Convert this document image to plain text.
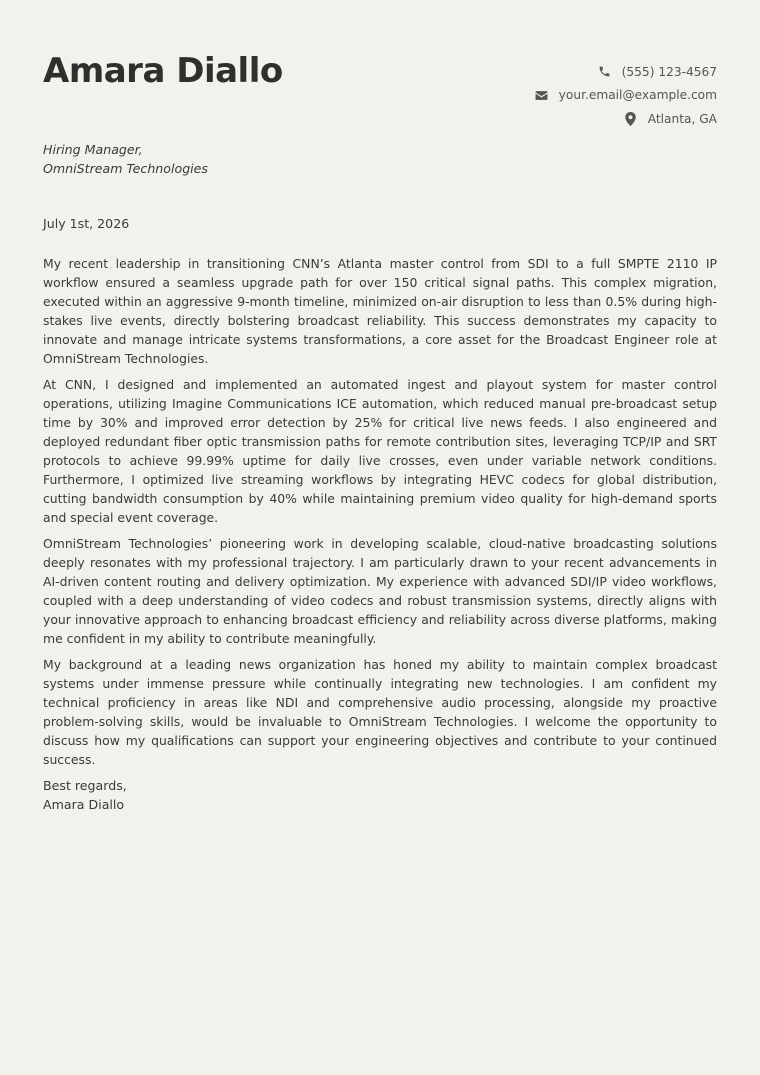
Amara Diallo	(555) 123-4567
your.email@example.com
Atlanta, GA
Hiring Manager,
OmniStream Technologies
July 1st, 2026

My recent leadership in transitioning CNN’s Atlanta master control from SDI to a full SMPTE 2110 IP workflow ensured a seamless upgrade path for over 150 critical signal paths. This complex migration, executed within an aggressive 9-month timeline, minimized on-air disruption to less than 0.5% during high-stakes live events, directly bolstering broadcast reliability. This success demonstrates my capacity to innovate and manage intricate systems transformations, a core asset for the Broadcast Engineer role at OmniStream Technologies.

At CNN, I designed and implemented an automated ingest and playout system for master control operations, utilizing Imagine Communications ICE automation, which reduced manual pre-broadcast setup time by 30% and improved error detection by 25% for critical live news feeds. I also engineered and deployed redundant fiber optic transmission paths for remote contribution sites, leveraging TCP/IP and SRT protocols to achieve 99.99% uptime for daily live crosses, even under variable network conditions. Furthermore, I optimized live streaming workflows by integrating HEVC codecs for global distribution, cutting bandwidth consumption by 40% while maintaining premium video quality for high-demand sports and special event coverage.

OmniStream Technologies’ pioneering work in developing scalable, cloud-native broadcasting solutions deeply resonates with my professional trajectory. I am particularly drawn to your recent advancements in AI-driven content routing and delivery optimization. My experience with advanced SDI/IP video workflows, coupled with a deep understanding of video codecs and robust transmission systems, directly aligns with your innovative approach to enhancing broadcast efficiency and reliability across diverse platforms, making me confident in my ability to contribute meaningfully.

My background at a leading news organization has honed my ability to maintain complex broadcast systems under immense pressure while continually integrating new technologies. I am confident my technical proficiency in areas like NDI and comprehensive audio processing, alongside my proactive problem-solving skills, would be invaluable to OmniStream Technologies. I welcome the opportunity to discuss how my qualifications can support your engineering objectives and contribute to your continued success.

Best regards,
Amara Diallo
